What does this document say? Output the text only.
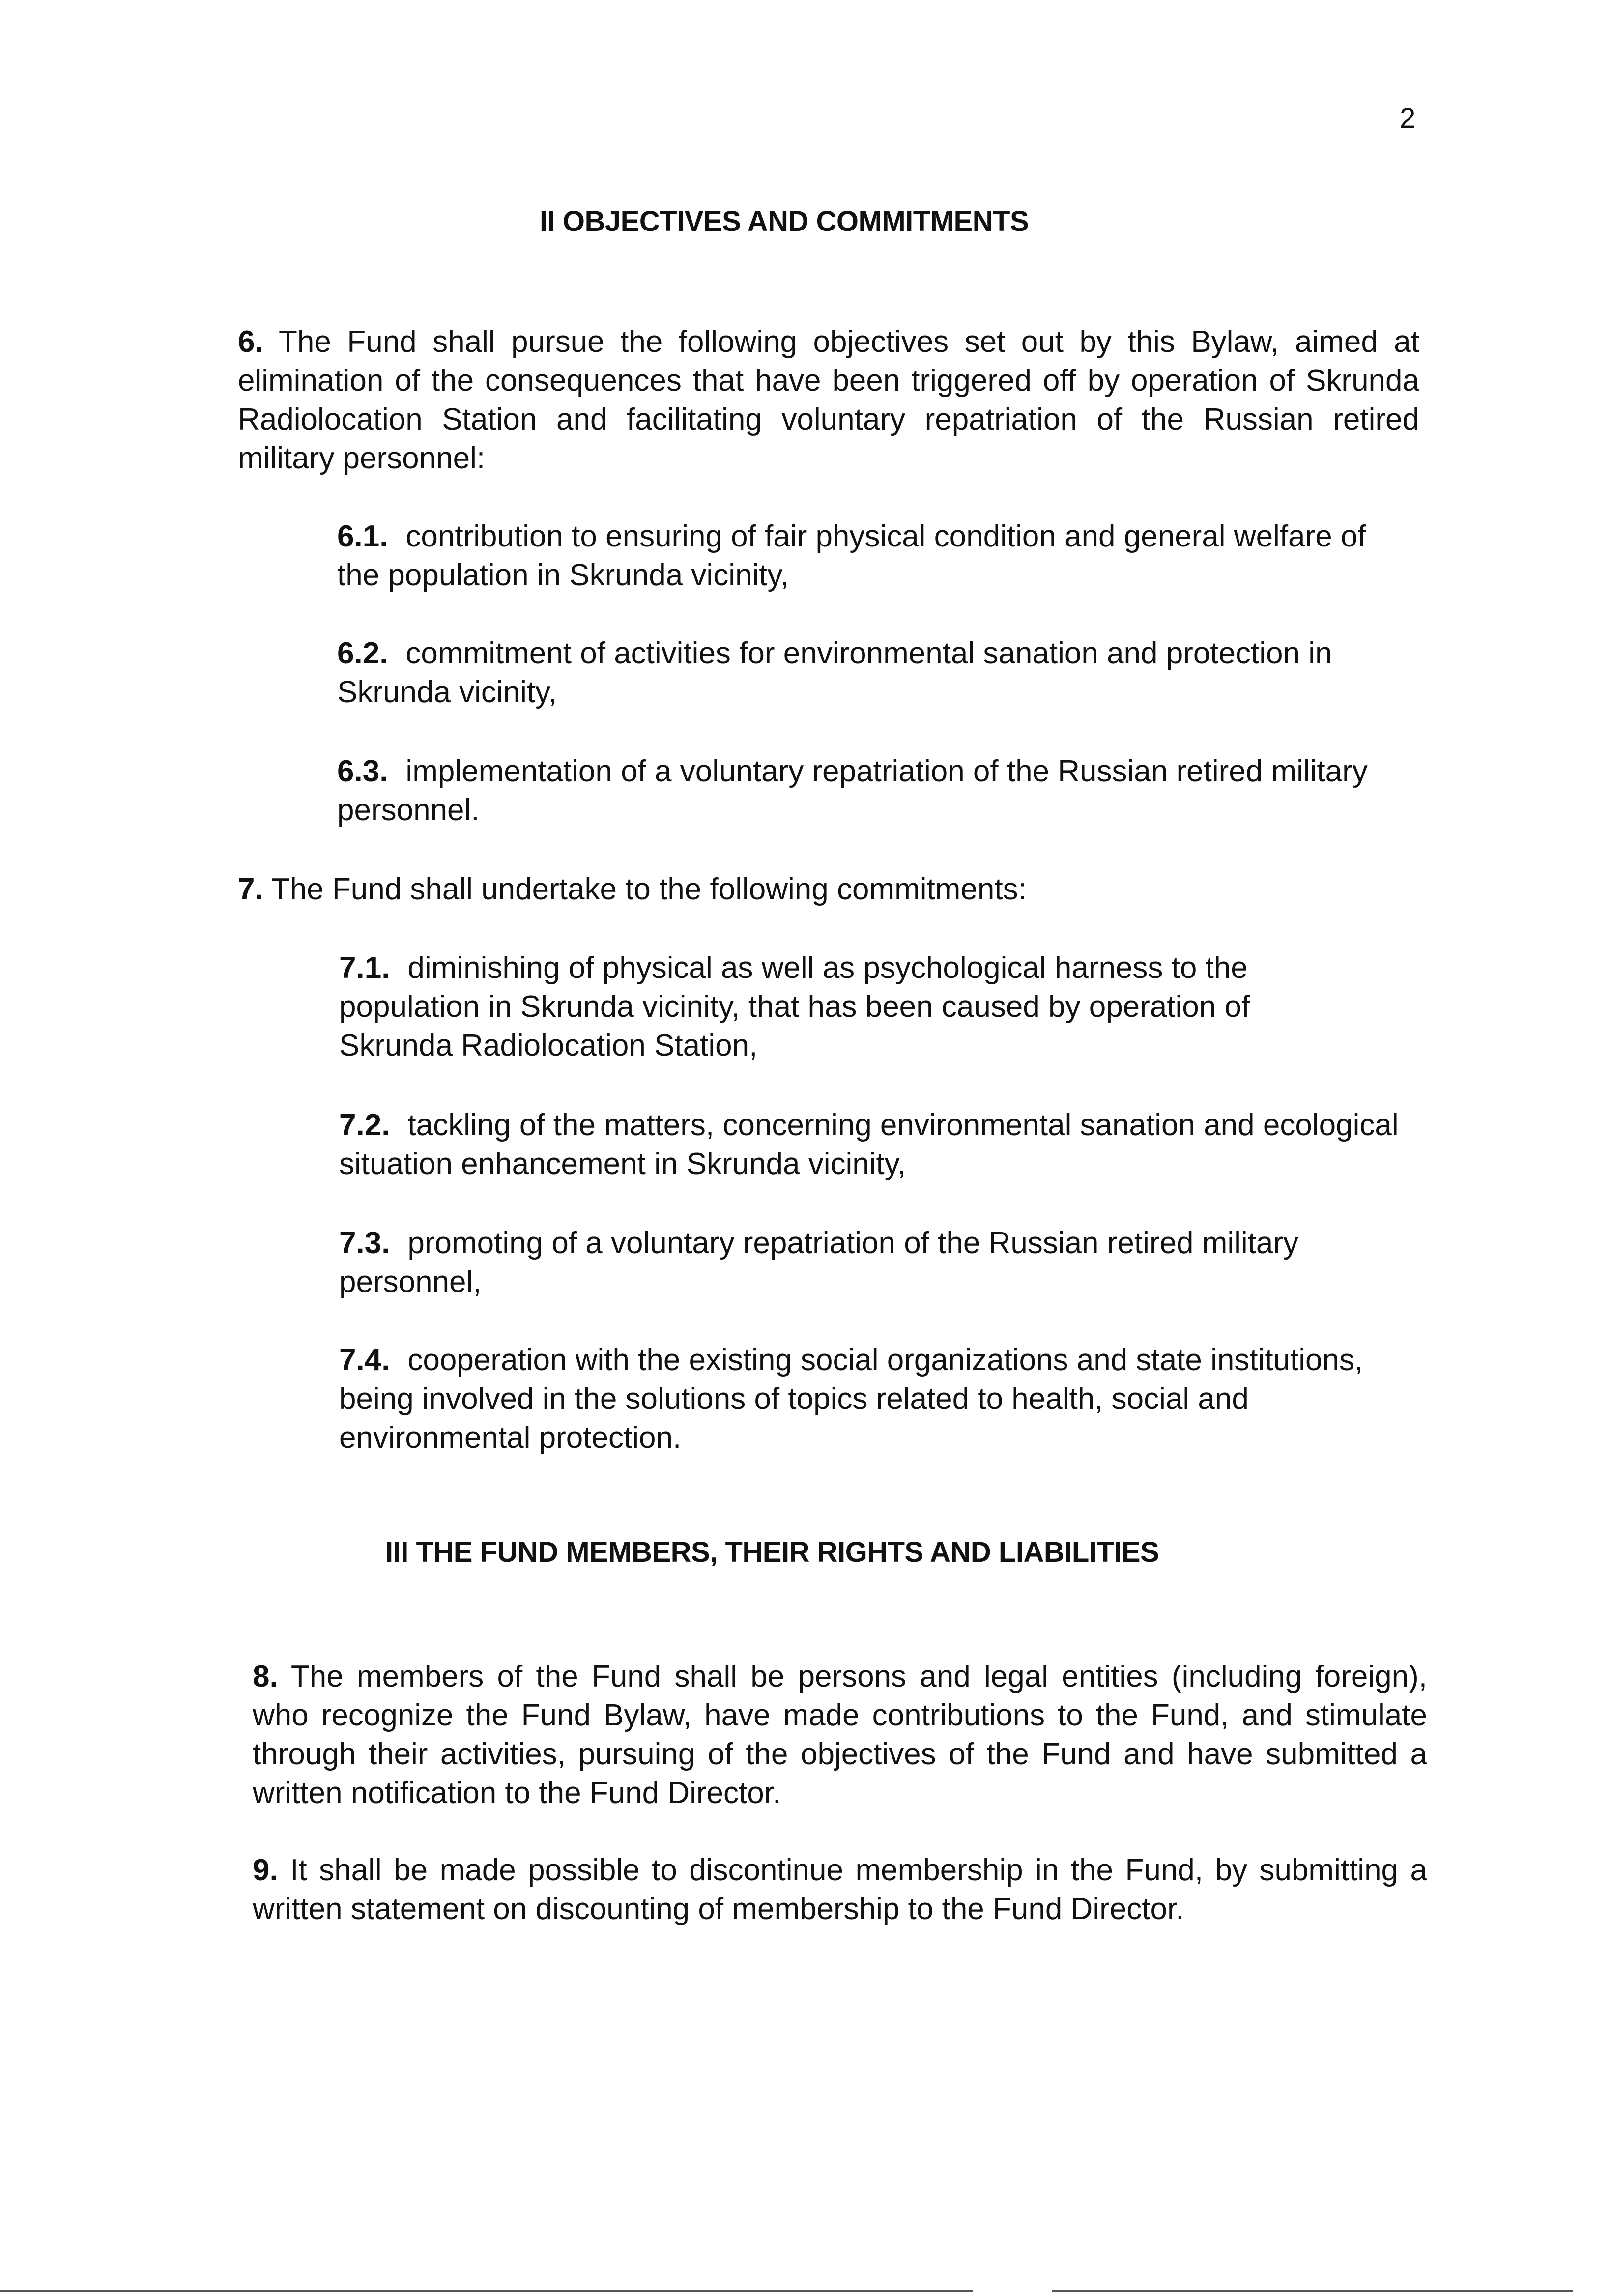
2
II OBJECTIVES AND COMMITMENTS
6. The Fund shall pursue the following objectives set out by this Bylaw, aimed at elimination of the consequences that have been triggered off by operation of Skrunda Radiolocation Station and facilitating voluntary repatriation of the Russian retired military personnel:
6.1. contribution to ensuring of fair physical condition and general welfare of the population in Skrunda vicinity,
6.2. commitment of activities for environmental sanation and protection in Skrunda vicinity,
6.3. implementation of a voluntary repatriation of the Russian retired military personnel.
7. The Fund shall undertake to the following commitments:
7.1. diminishing of physical as well as psychological harness to the population in Skrunda vicinity, that has been caused by operation of Skrunda Radiolocation Station,
7.2. tackling of the matters, concerning environmental sanation and ecological situation enhancement in Skrunda vicinity,
7.3. promoting of a voluntary repatriation of the Russian retired military personnel,
7.4. cooperation with the existing social organizations and state institutions, being involved in the solutions of topics related to health, social and environmental protection.
III THE FUND MEMBERS, THEIR RIGHTS AND LIABILITIES
8. The members of the Fund shall be persons and legal entities (including foreign), who recognize the Fund Bylaw, have made contributions to the Fund, and stimulate through their activities, pursuing of the objectives of the Fund and have submitted a written notification to the Fund Director.
9. It shall be made possible to discontinue membership in the Fund, by submitting a written statement on discounting of membership to the Fund Director.
